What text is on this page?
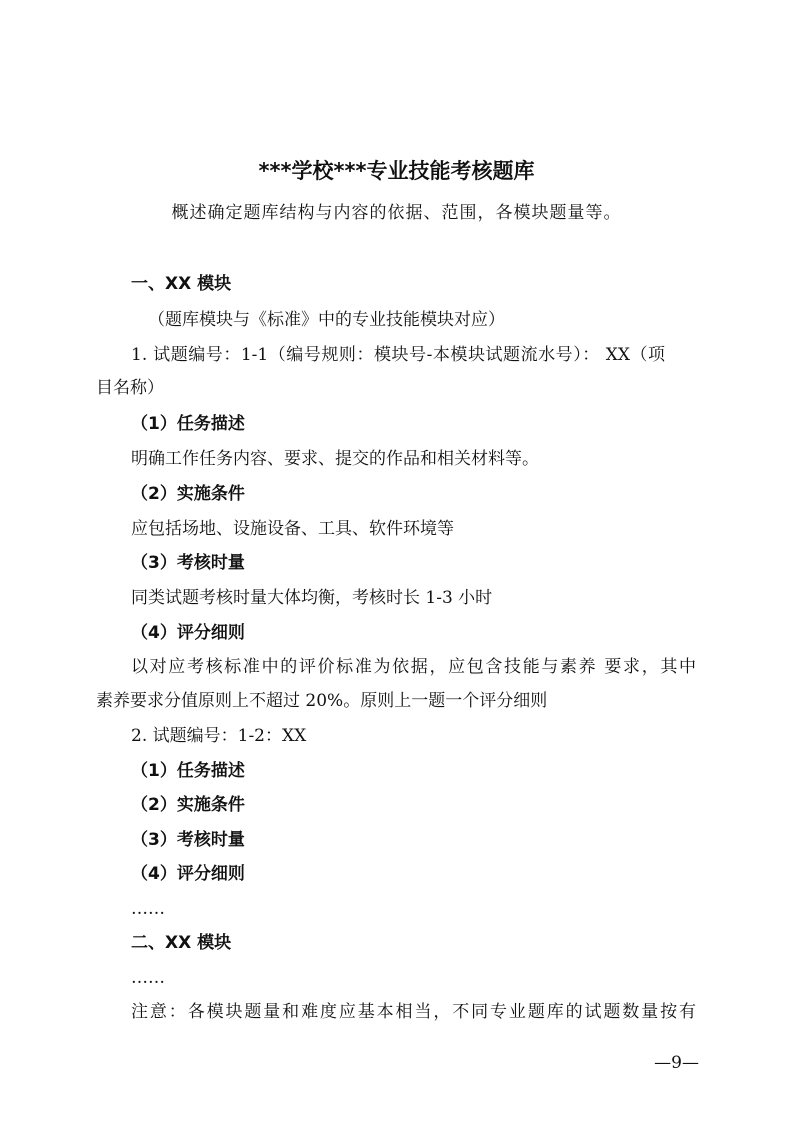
***学校***专业技能考核题库
概述确定题库结构与内容的依据、范围，各模块题量等。
一、XX 模块
（题库模块与《标准》中的专业技能模块对应）
1. 试题编号：1-1（编号规则：模块号-本模块试题流水号）： XX（项
目名称）
（1）任务描述
明确工作任务内容、要求、提交的作品和相关材料等。
（2）实施条件
应包括场地、设施设备、工具、软件环境等
（3）考核时量
同类试题考核时量大体均衡，考核时长 1-3 小时
（4）评分细则
以对应考核标准中的评价标准为依据，应包含技能与素养 要求，其中
素养要求分值原则上不超过 20%。原则上一题一个评分细则
2. 试题编号：1-2：XX
（1）任务描述
（2）实施条件
（3）考核时量
（4）评分细则
……
二、XX 模块
……
注意：各模块题量和难度应基本相当，不同专业题库的试题数量按有
—9—
